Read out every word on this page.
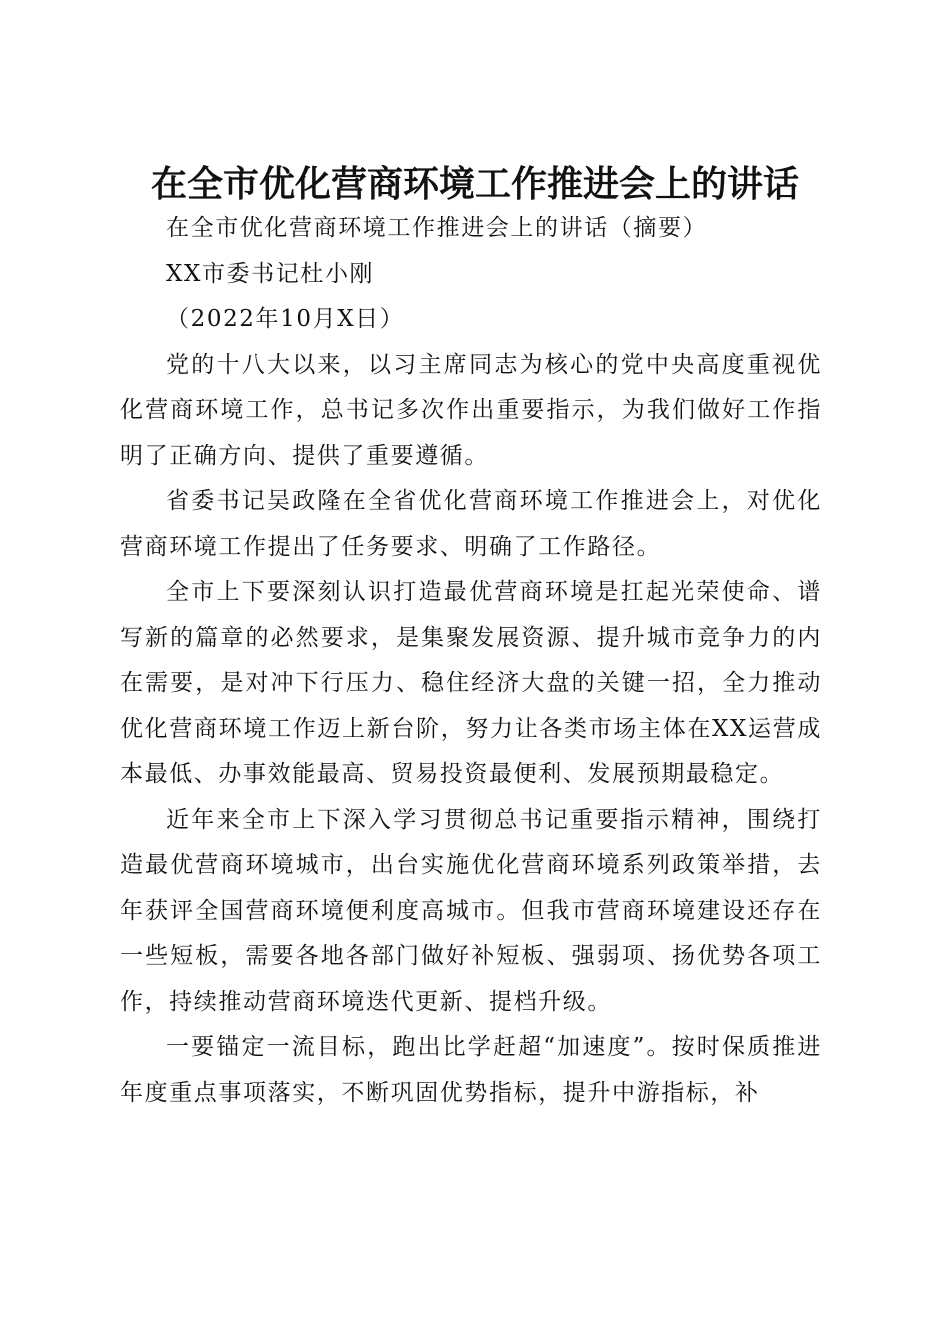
在全市优化营商环境工作推进会上的讲话

在全市优化营商环境工作推进会上的讲话（摘要）

XX市委书记杜小刚

（2022年10月X日）

党的十八大以来，以习主席同志为核心的党中央高度重视优化营商环境工作，总书记多次作出重要指示，为我们做好工作指明了正确方向、提供了重要遵循。

省委书记吴政隆在全省优化营商环境工作推进会上，对优化营商环境工作提出了任务要求、明确了工作路径。

全市上下要深刻认识打造最优营商环境是扛起光荣使命、谱写新的篇章的必然要求，是集聚发展资源、提升城市竞争力的内在需要，是对冲下行压力、稳住经济大盘的关键一招，全力推动优化营商环境工作迈上新台阶，努力让各类市场主体在XX运营成本最低、办事效能最高、贸易投资最便利、发展预期最稳定。

近年来全市上下深入学习贯彻总书记重要指示精神，围绕打造最优营商环境城市，出台实施优化营商环境系列政策举措，去年获评全国营商环境便利度高城市。但我市营商环境建设还存在一些短板，需要各地各部门做好补短板、强弱项、扬优势各项工作，持续推动营商环境迭代更新、提档升级。

一要锚定一流目标，跑出比学赶超“加速度”。按时保质推进年度重点事项落实，不断巩固优势指标，提升中游指标，补
